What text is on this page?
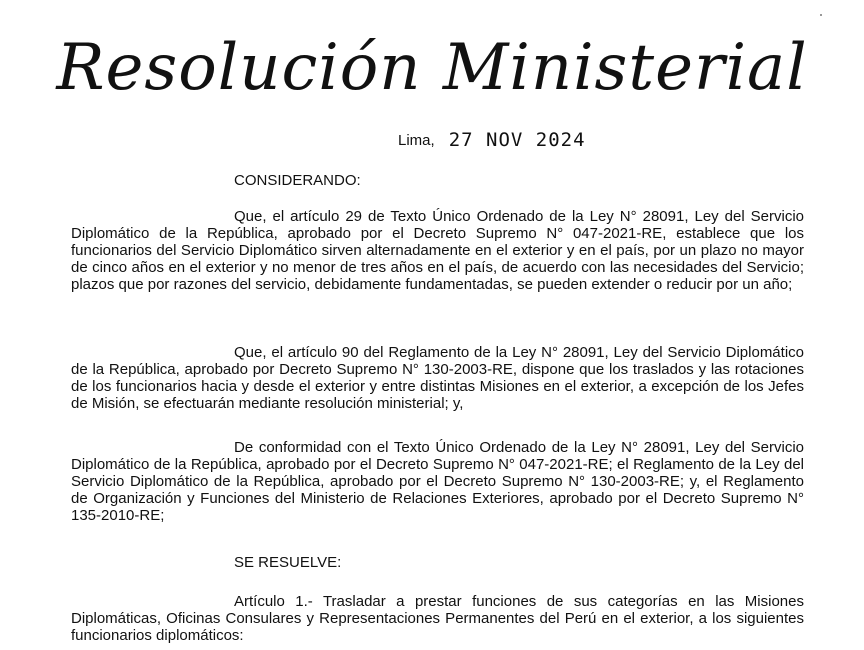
Resolución Ministerial
Lima, 27 NOV 2024
CONSIDERANDO:

Que, el artículo 29 de Texto Único Ordenado de la Ley N° 28091, Ley del Servicio Diplomático de la República, aprobado por el Decreto Supremo N° 047-2021-RE, establece que los funcionarios del Servicio Diplomático sirven alternadamente en el exterior y en el país, por un plazo no mayor de cinco años en el exterior y no menor de tres años en el país, de acuerdo con las necesidades del Servicio; plazos que por razones del servicio, debidamente fundamentadas, se pueden extender o reducir por un año;

Que, el artículo 90 del Reglamento de la Ley N° 28091, Ley del Servicio Diplomático de la República, aprobado por Decreto Supremo N° 130-2003-RE, dispone que los traslados y las rotaciones de los funcionarios hacia y desde el exterior y entre distintas Misiones en el exterior, a excepción de los Jefes de Misión, se efectuarán mediante resolución ministerial; y,

De conformidad con el Texto Único Ordenado de la Ley N° 28091, Ley del Servicio Diplomático de la República, aprobado por el Decreto Supremo N° 047-2021-RE; el Reglamento de la Ley del Servicio Diplomático de la República, aprobado por el Decreto Supremo N° 130-2003-RE; y, el Reglamento de Organización y Funciones del Ministerio de Relaciones Exteriores, aprobado por el Decreto Supremo N° 135-2010-RE;

SE RESUELVE:

Artículo 1.- Trasladar a prestar funciones de sus categorías en las Misiones Diplomáticas, Oficinas Consulares y Representaciones Permanentes del Perú en el exterior, a los siguientes funcionarios diplomáticos:
